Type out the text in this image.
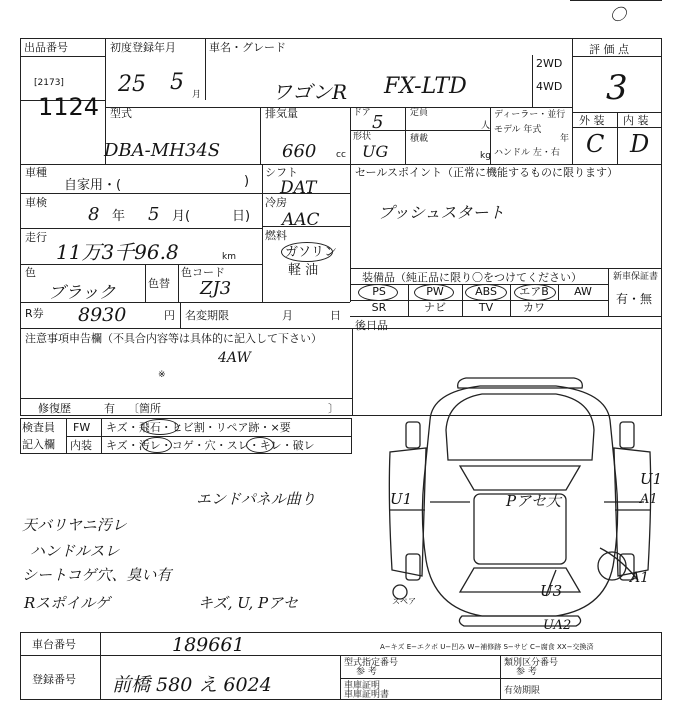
〇
出品番号
[2173]
1124
初度登録年月
25 5 月
車名・グレード
ワゴンR FX-LTD
2WD
4WD
評 価 点
3
外 装 内 装
C D
型式
DBA-MH34S
排気量
660 cc
ドア 5
形状
UG
定員
人
積載
kg
ディーラー・並行
モデル 年式
年
ハンドル 左・右
車種
自家用・(	)
車検
8 年 5 月(	日)
走行
11万3千96.8	km
色
ブラック	色替
色コード
ZJ3
シフト
DAT
冷房
AAC
燃料
ガソリン
軽 油
R券 8930	円 名変期限	月	日
セールスポイント（正常に機能するものに限ります）
プッシュスタート
装備品（純正品に限り〇をつけてください）	新車保証書
有・無
PS	PW	ABS	エアB	AW
SR	ナビ	TV	カワ
後日品
注意事項申告欄（不具合内容等は具体的に記入して下さい）
4AW
※
修復歴	有 〔箇所	〕
検査員
記入欄
FW キズ・飛石・ヒビ割・リペア跡・×要
内装 キズ・汚レ・コゲ・穴・スレ・キレ・破レ
エンドパネル曲り
天バリヤニ汚レ
ハンドルスレ
シートコゲ穴、臭い有
Rスポイルゲ	キズ, U, Pアセ	スペア
U1	Pアセ大
U1
A1
A1
U3
UA2
A−キズ E−エクボ U−凹み W−補修跡 S−サビ C−腐食 XX−交換済
車台番号	189661
登録番号 前橋 580 え 6024
型式指定番号	類別区分番号
参 考	参 考
車庫証明
車庫証明書	有効期限
